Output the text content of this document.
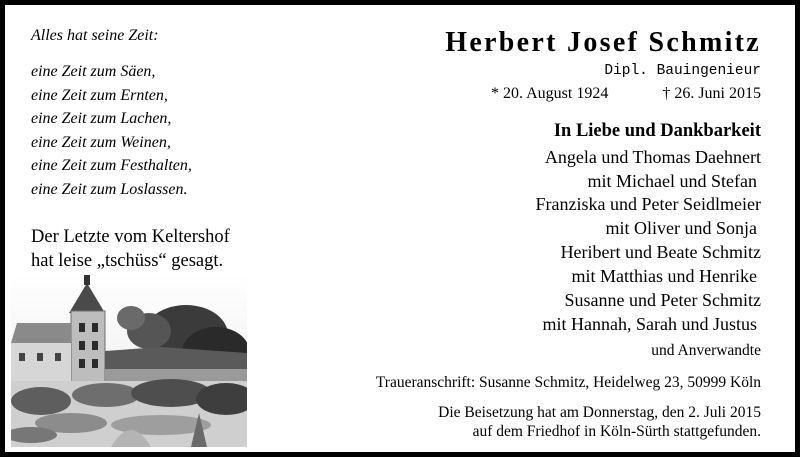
Alles hat seine Zeit:
eine Zeit zum Säen,
eine Zeit zum Ernten,
eine Zeit zum Lachen,
eine Zeit zum Weinen,
eine Zeit zum Festhalten,
eine Zeit zum Loslassen.
Der Letzte vom Keltershof
hat leise „tschüss“ gesagt.
Herbert Josef Schmitz
Dipl. Bauingenieur
* 20. August 1924	† 26. Juni 2015
In Liebe und Dankbarkeit
Angela und Thomas Daehnert
mit Michael und Stefan
Franziska und Peter Seidlmeier
mit Oliver und Sonja
Heribert und Beate Schmitz
mit Matthias und Henrike
Susanne und Peter Schmitz
mit Hannah, Sarah und Justus
und Anverwandte
Traueranschrift: Susanne Schmitz, Heidelweg 23, 50999 Köln
Die Beisetzung hat am Donnerstag, den 2. Juli 2015
auf dem Friedhof in Köln-Sürth stattgefunden.
